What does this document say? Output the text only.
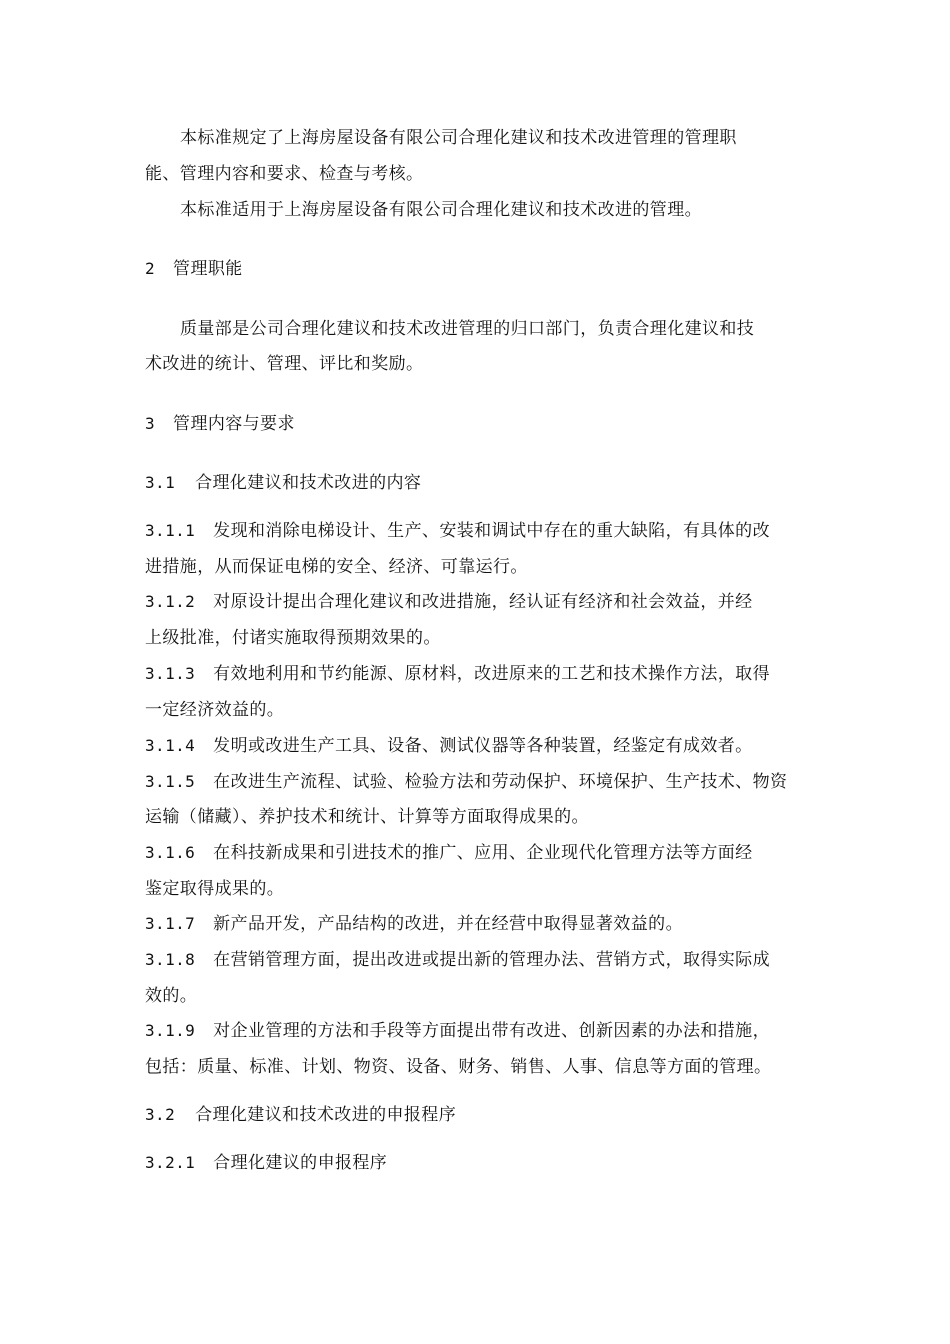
本标准规定了上海房屋设备有限公司合理化建议和技术改进管理的管理职
能、管理内容和要求、检查与考核。
本标准适用于上海房屋设备有限公司合理化建议和技术改进的管理。
2 管理职能
质量部是公司合理化建议和技术改进管理的归口部门，负责合理化建议和技
术改进的统计、管理、评比和奖励。
3 管理内容与要求
3.1 合理化建议和技术改进的内容
3.1.1 发现和消除电梯设计、生产、安装和调试中存在的重大缺陷，有具体的改
进措施，从而保证电梯的安全、经济、可靠运行。
3.1.2 对原设计提出合理化建议和改进措施，经认证有经济和社会效益，并经
上级批准，付诸实施取得预期效果的。
3.1.3 有效地利用和节约能源、原材料，改进原来的工艺和技术操作方法，取得
一定经济效益的。
3.1.4 发明或改进生产工具、设备、测试仪器等各种装置，经鉴定有成效者。
3.1.5 在改进生产流程、试验、检验方法和劳动保护、环境保护、生产技术、物资
运输（储藏）、养护技术和统计、计算等方面取得成果的。
3.1.6 在科技新成果和引进技术的推广、应用、企业现代化管理方法等方面经
鉴定取得成果的。
3.1.7 新产品开发，产品结构的改进，并在经营中取得显著效益的。
3.1.8 在营销管理方面，提出改进或提出新的管理办法、营销方式，取得实际成
效的。
3.1.9 对企业管理的方法和手段等方面提出带有改进、创新因素的办法和措施，
包括：质量、标准、计划、物资、设备、财务、销售、人事、信息等方面的管理。
3.2 合理化建议和技术改进的申报程序
3.2.1 合理化建议的申报程序
